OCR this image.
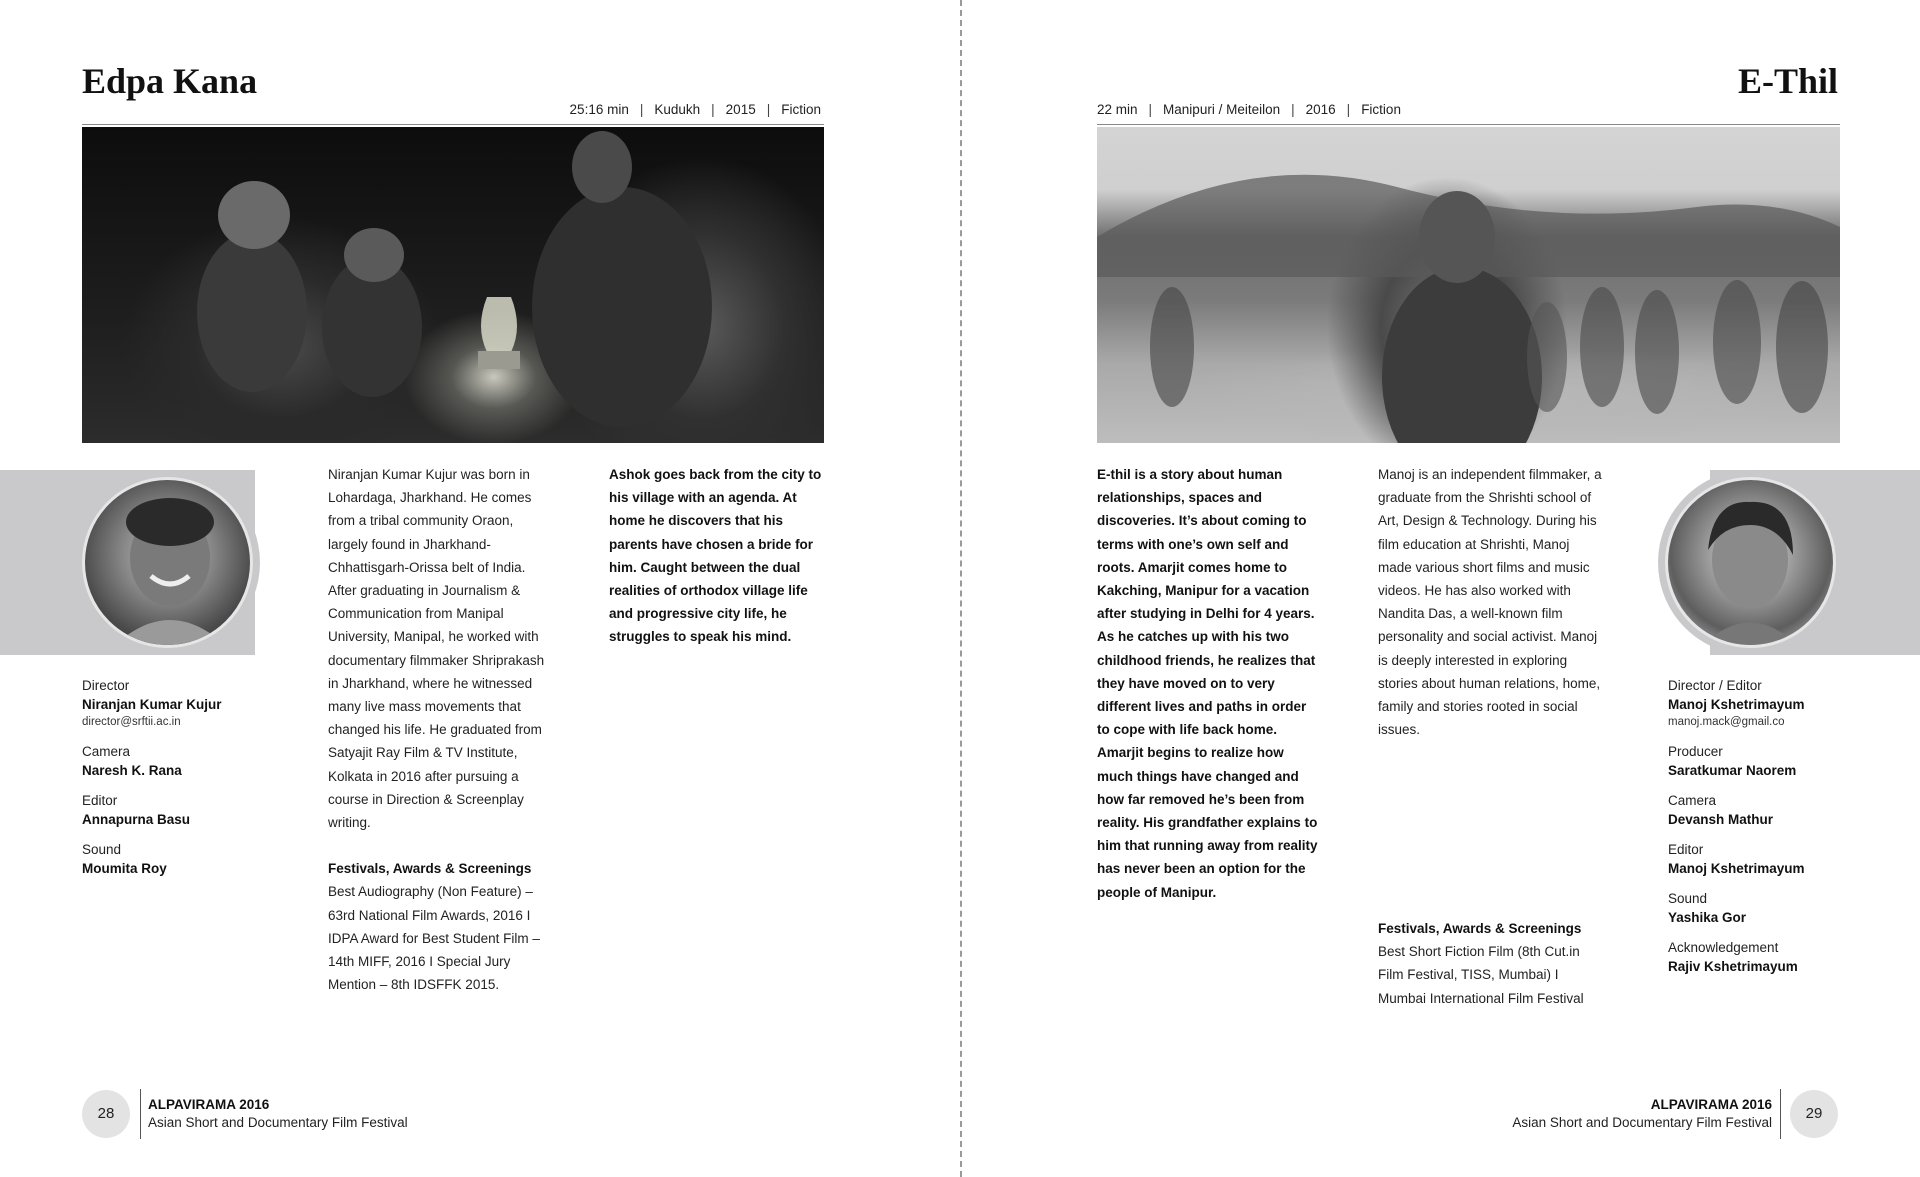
Edpa Kana
25:16 min | Kudukh | 2015 | Fiction
Director
Niranjan Kumar Kujur
director@srftii.ac.in
Camera
Naresh K. Rana
Editor
Annapurna Basu
Sound
Moumita Roy

Niranjan Kumar Kujur was born in Lohardaga, Jharkhand. He comes from a tribal community Oraon, largely found in Jharkhand-Chhattisgarh-Orissa belt of India. After graduating in Journalism & Communication from Manipal University, Manipal, he worked with documentary filmmaker Shriprakash in Jharkhand, where he witnessed many live mass movements that changed his life. He graduated from Satyajit Ray Film & TV Institute, Kolkata in 2016 after pursuing a course in Direction & Screenplay writing.

Festivals, Awards & Screenings

Best Audiography (Non Feature) – 63rd National Film Awards, 2016 I IDPA Award for Best Student Film – 14th MIFF, 2016 I Special Jury Mention – 8th IDSFFK 2015.

Ashok goes back from the city to his village with an agenda. At home he discovers that his parents have chosen a bride for him. Caught between the dual realities of orthodox village life and progressive city life, he struggles to speak his mind.
28
ALPAVIRAMA 2016
Asian Short and Documentary Film Festival
E-Thil
22 min | Manipuri / Meiteilon | 2016 | Fiction
E-thil is a story about human relationships, spaces and discoveries. It’s about coming to terms with one’s own self and roots. Amarjit comes home to Kakching, Manipur for a vacation after studying in Delhi for 4 years. As he catches up with his two childhood friends, he realizes that they have moved on to very different lives and paths in order to cope with life back home. Amarjit begins to realize how much things have changed and how far removed he’s been from reality. His grandfather explains to him that running away from reality has never been an option for the people of Manipur.
Manoj is an independent filmmaker, a graduate from the Shrishti school of Art, Design & Technology. During his film education at Shrishti, Manoj made various short films and music videos. He has also worked with Nandita Das, a well-known film personality and social activist. Manoj is deeply interested in exploring stories about human relations, home, family and stories rooted in social issues.

Festivals, Awards & Screenings

Best Short Fiction Film (8th Cut.in Film Festival, TISS, Mumbai) I Mumbai International Film Festival

Director / Editor
Manoj Kshetrimayum
manoj.mack@gmail.co
Producer
Saratkumar Naorem
Camera
Devansh Mathur
Editor
Manoj Kshetrimayum
Sound
Yashika Gor
Acknowledgement
Rajiv Kshetrimayum
ALPAVIRAMA 2016
Asian Short and Documentary Film Festival
29
